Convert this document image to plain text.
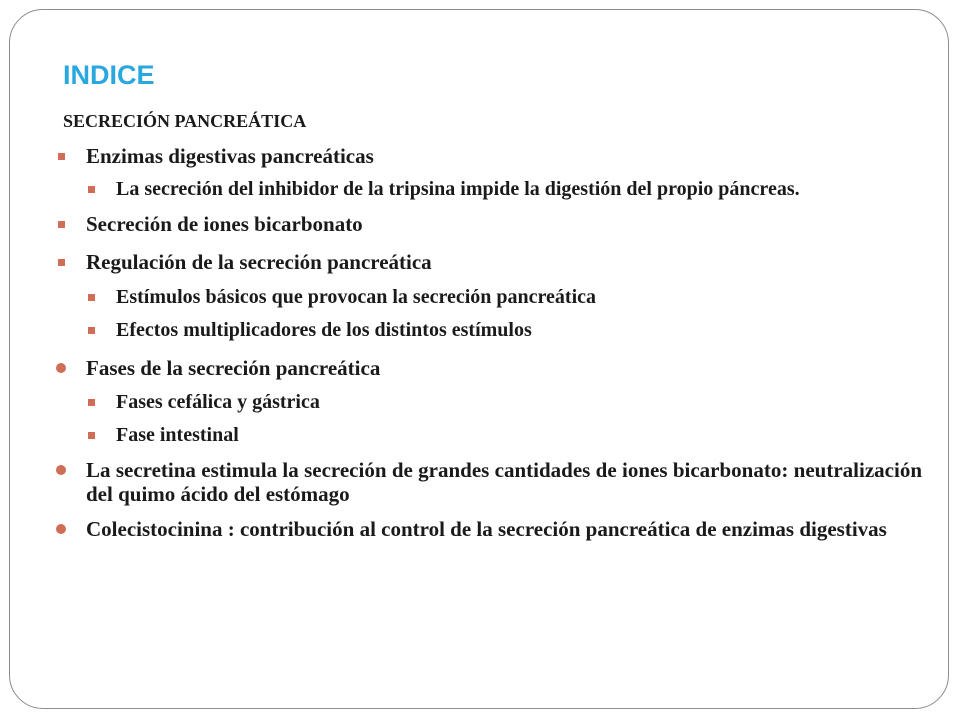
INDICE
SECRECIÓN PANCREÁTICA
Enzimas digestivas pancreáticas
La secreción del inhibidor de la tripsina impide la digestión del propio páncreas.
Secreción de iones bicarbonato
Regulación de la secreción pancreática
Estímulos básicos que provocan la secreción pancreática
Efectos multiplicadores de los distintos estímulos
Fases de la secreción pancreática
Fases cefálica y gástrica
Fase intestinal
La secretina estimula la secreción de grandes cantidades de iones bicarbonato: neutralización del quimo ácido del estómago
Colecistocinina : contribución al control de la secreción pancreática de enzimas digestivas
